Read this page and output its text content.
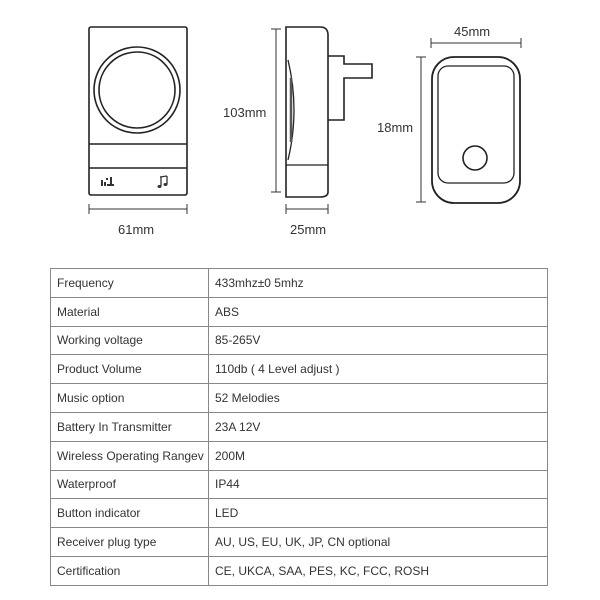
61mm
103mm
25mm
45mm
18mm
Frequency	433mhz±0 5mhz
Material	ABS
Working voltage	85-265V
Product Volume	110db ( 4 Level adjust )
Music option	52 Melodies
Battery In Transmitter	23A 12V
Wireless Operating Rangev	200M
Waterproof	IP44
Button indicator	LED
Receiver plug type	AU, US, EU, UK, JP, CN optional
Certification	CE, UKCA, SAA, PES, KC, FCC, ROSH
